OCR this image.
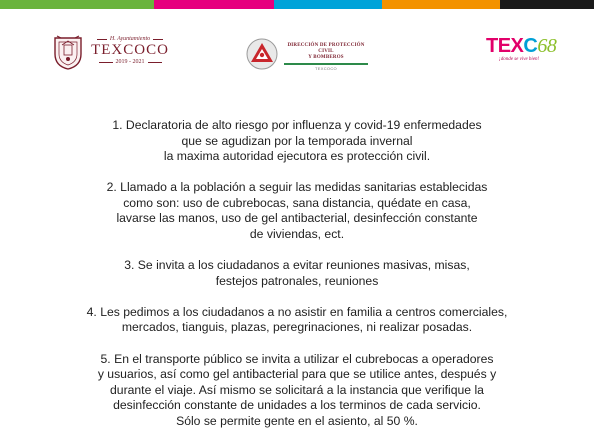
H. Ayuntamiento
TEXCOCO
2019 - 2021
DIRECCIÓN DE PROTECCIÓN CIVIL
Y BOMBEROS
TEXCOCO
TEXC68
¡donde se vive bien!
1. Declaratoria de alto riesgo por influenza y covid-19 enfermedades
que se agudizan por la temporada invernal
la maxima autoridad ejecutora es protección civil.
2. Llamado a la población a seguir las medidas sanitarias establecidas
como son: uso de cubrebocas, sana distancia, quédate en casa,
lavarse las manos, uso de gel antibacterial, desinfección constante
de viviendas, ect.
3. Se invita a los ciudadanos a evitar reuniones masivas, misas,
festejos patronales, reuniones
4. Les pedimos a los ciudadanos a no asistir en familia a centros comerciales,
mercados, tianguis, plazas, peregrinaciones, ni realizar posadas.
5. En el transporte público se invita a utilizar el cubrebocas a operadores
y usuarios, así como gel antibacterial para que se utilice antes, después y
durante el viaje. Así mismo se solicitará a la instancia que verifique la
desinfección constante de unidades a los terminos de cada servicio.
Sólo se permite gente en el asiento, al 50 %.
